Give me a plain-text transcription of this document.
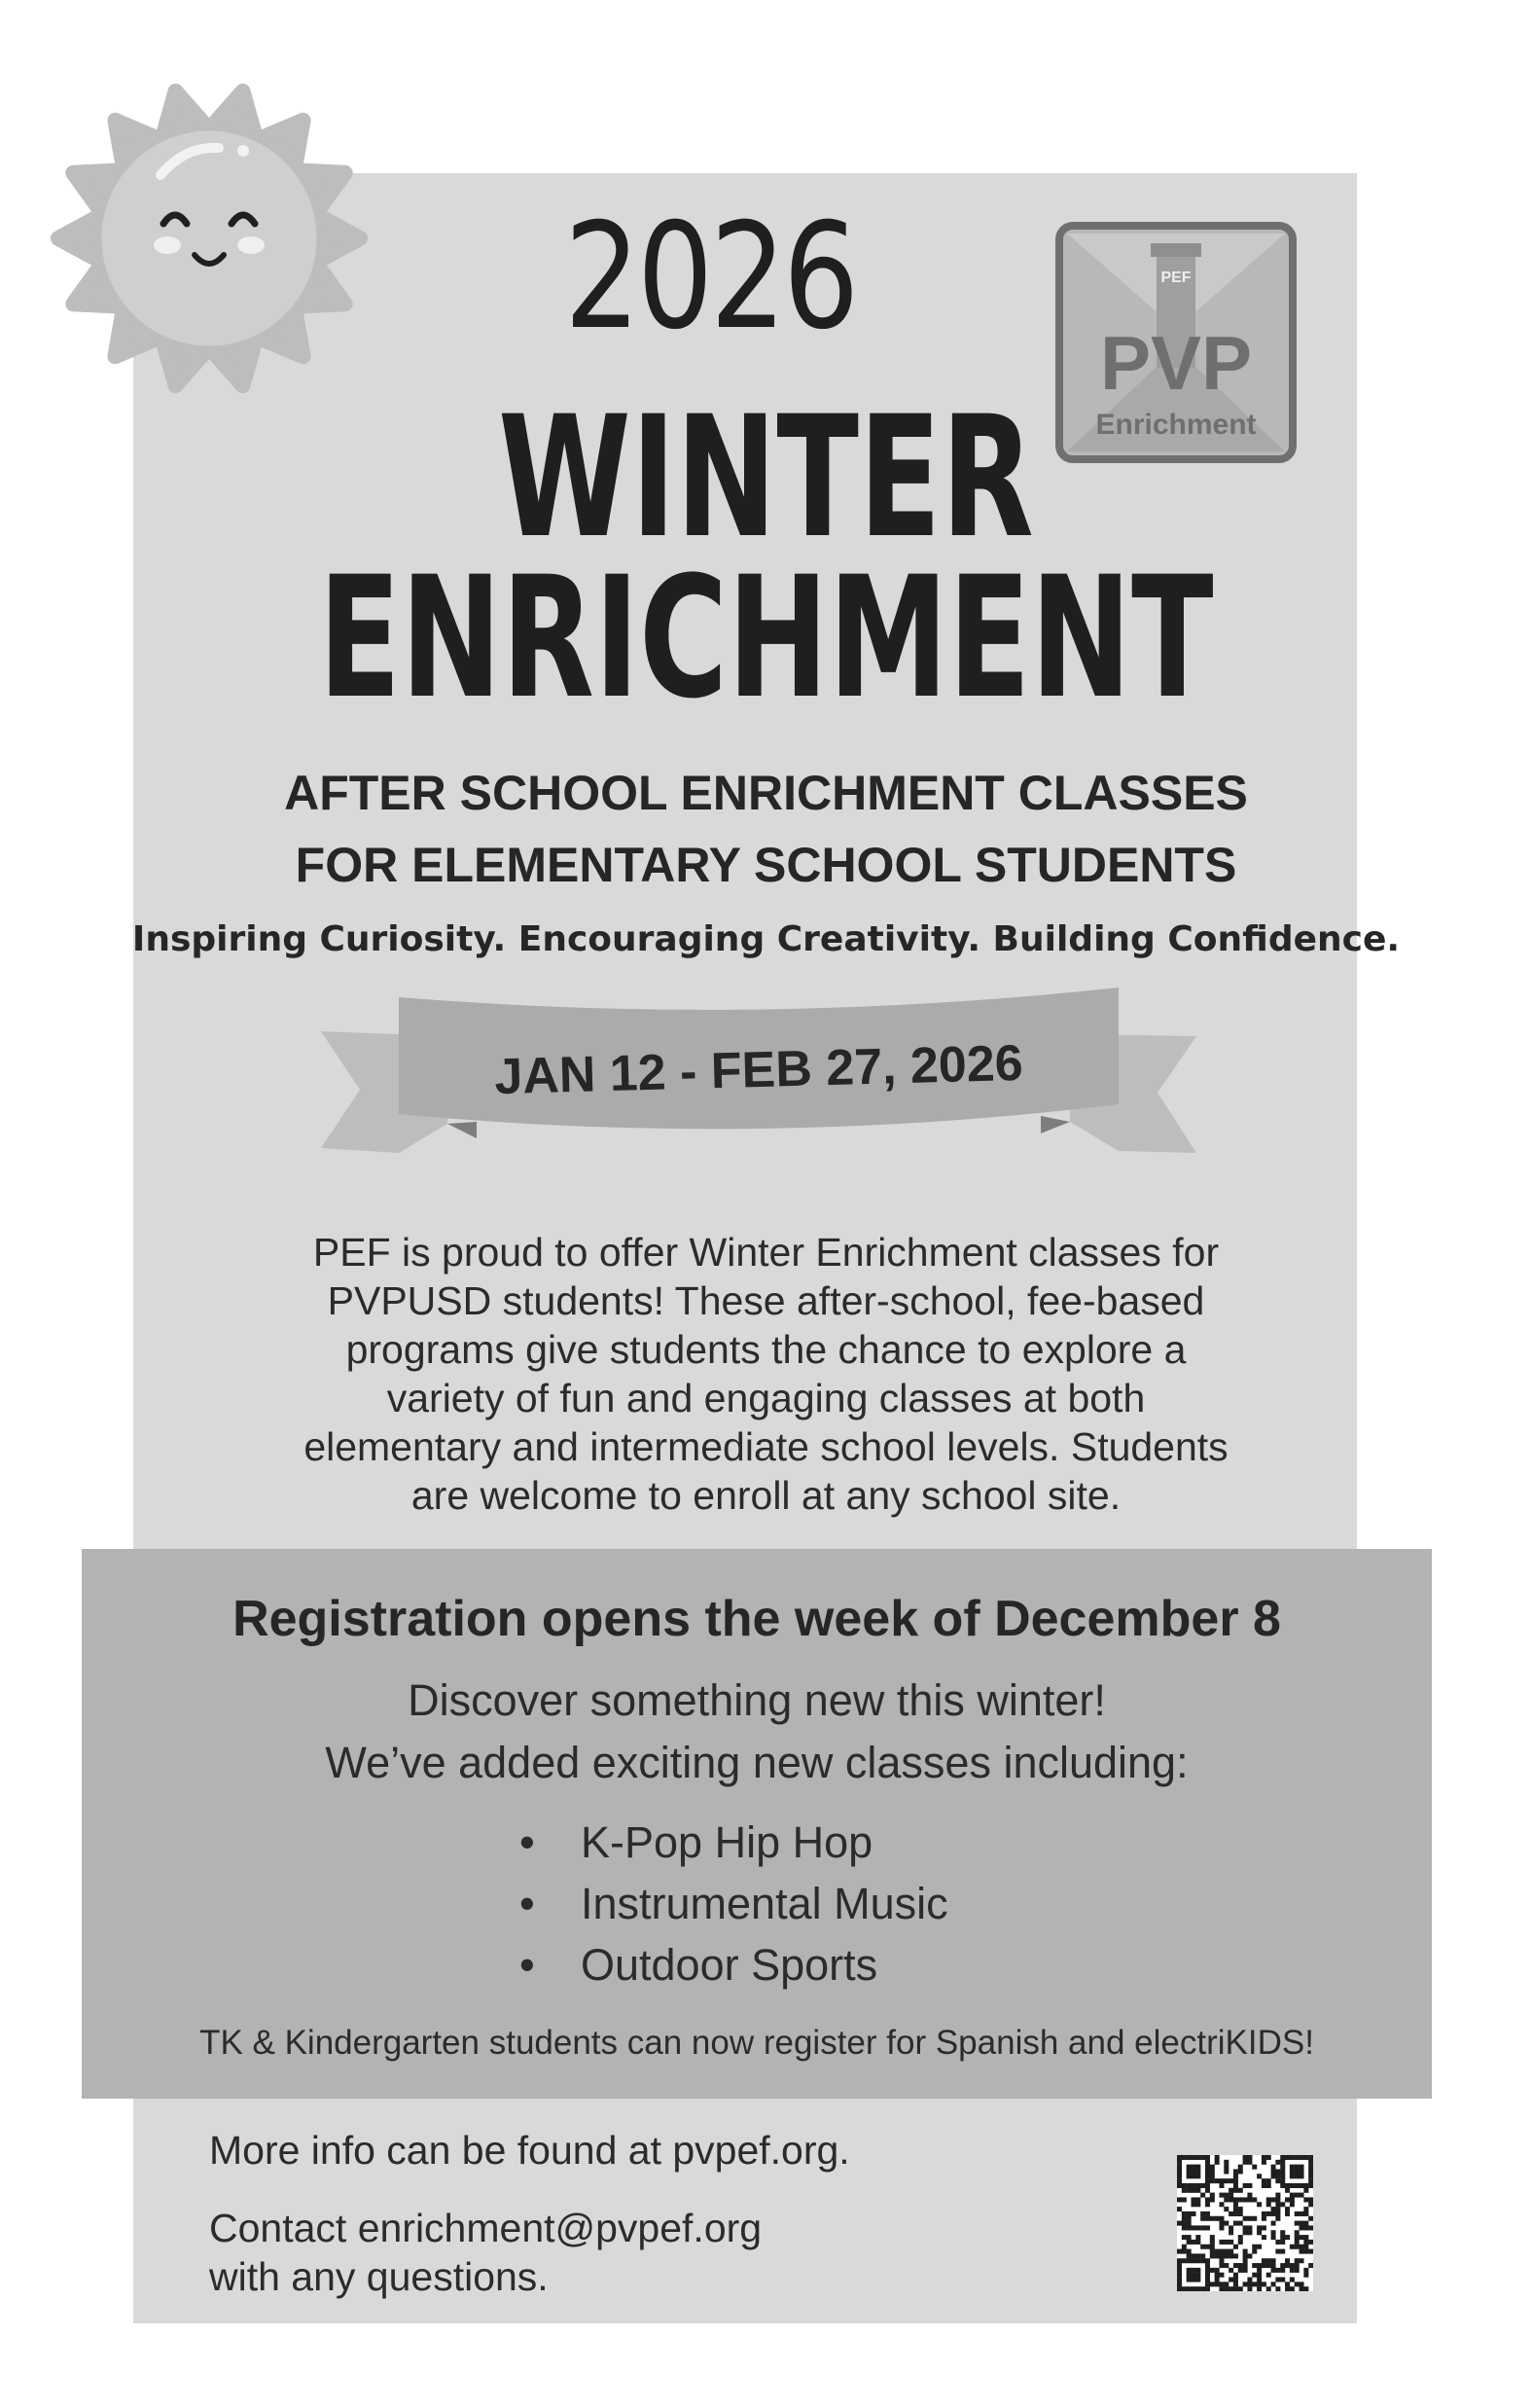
PEF
PVP
Enrichment
2026
WINTER
ENRICHMENT
AFTER SCHOOL ENRICHMENT CLASSES
FOR ELEMENTARY SCHOOL STUDENTS
Inspiring Curiosity. Encouraging Creativity. Building Confidence.
JAN 12 - FEB 27, 2026
PEF is proud to offer Winter Enrichment classes for
PVPUSD students! These after-school, fee-based
programs give students the chance to explore a
variety of fun and engaging classes at both
elementary and intermediate school levels. Students
are welcome to enroll at any school site.
Registration opens the week of December 8
Discover something new this winter!
We’ve added exciting new classes including:
• K-Pop Hip Hop
• Instrumental Music
• Outdoor Sports
TK & Kindergarten students can now register for Spanish and electriKIDS!
More info can be found at pvpef.org.
Contact enrichment@pvpef.org
with any questions.
